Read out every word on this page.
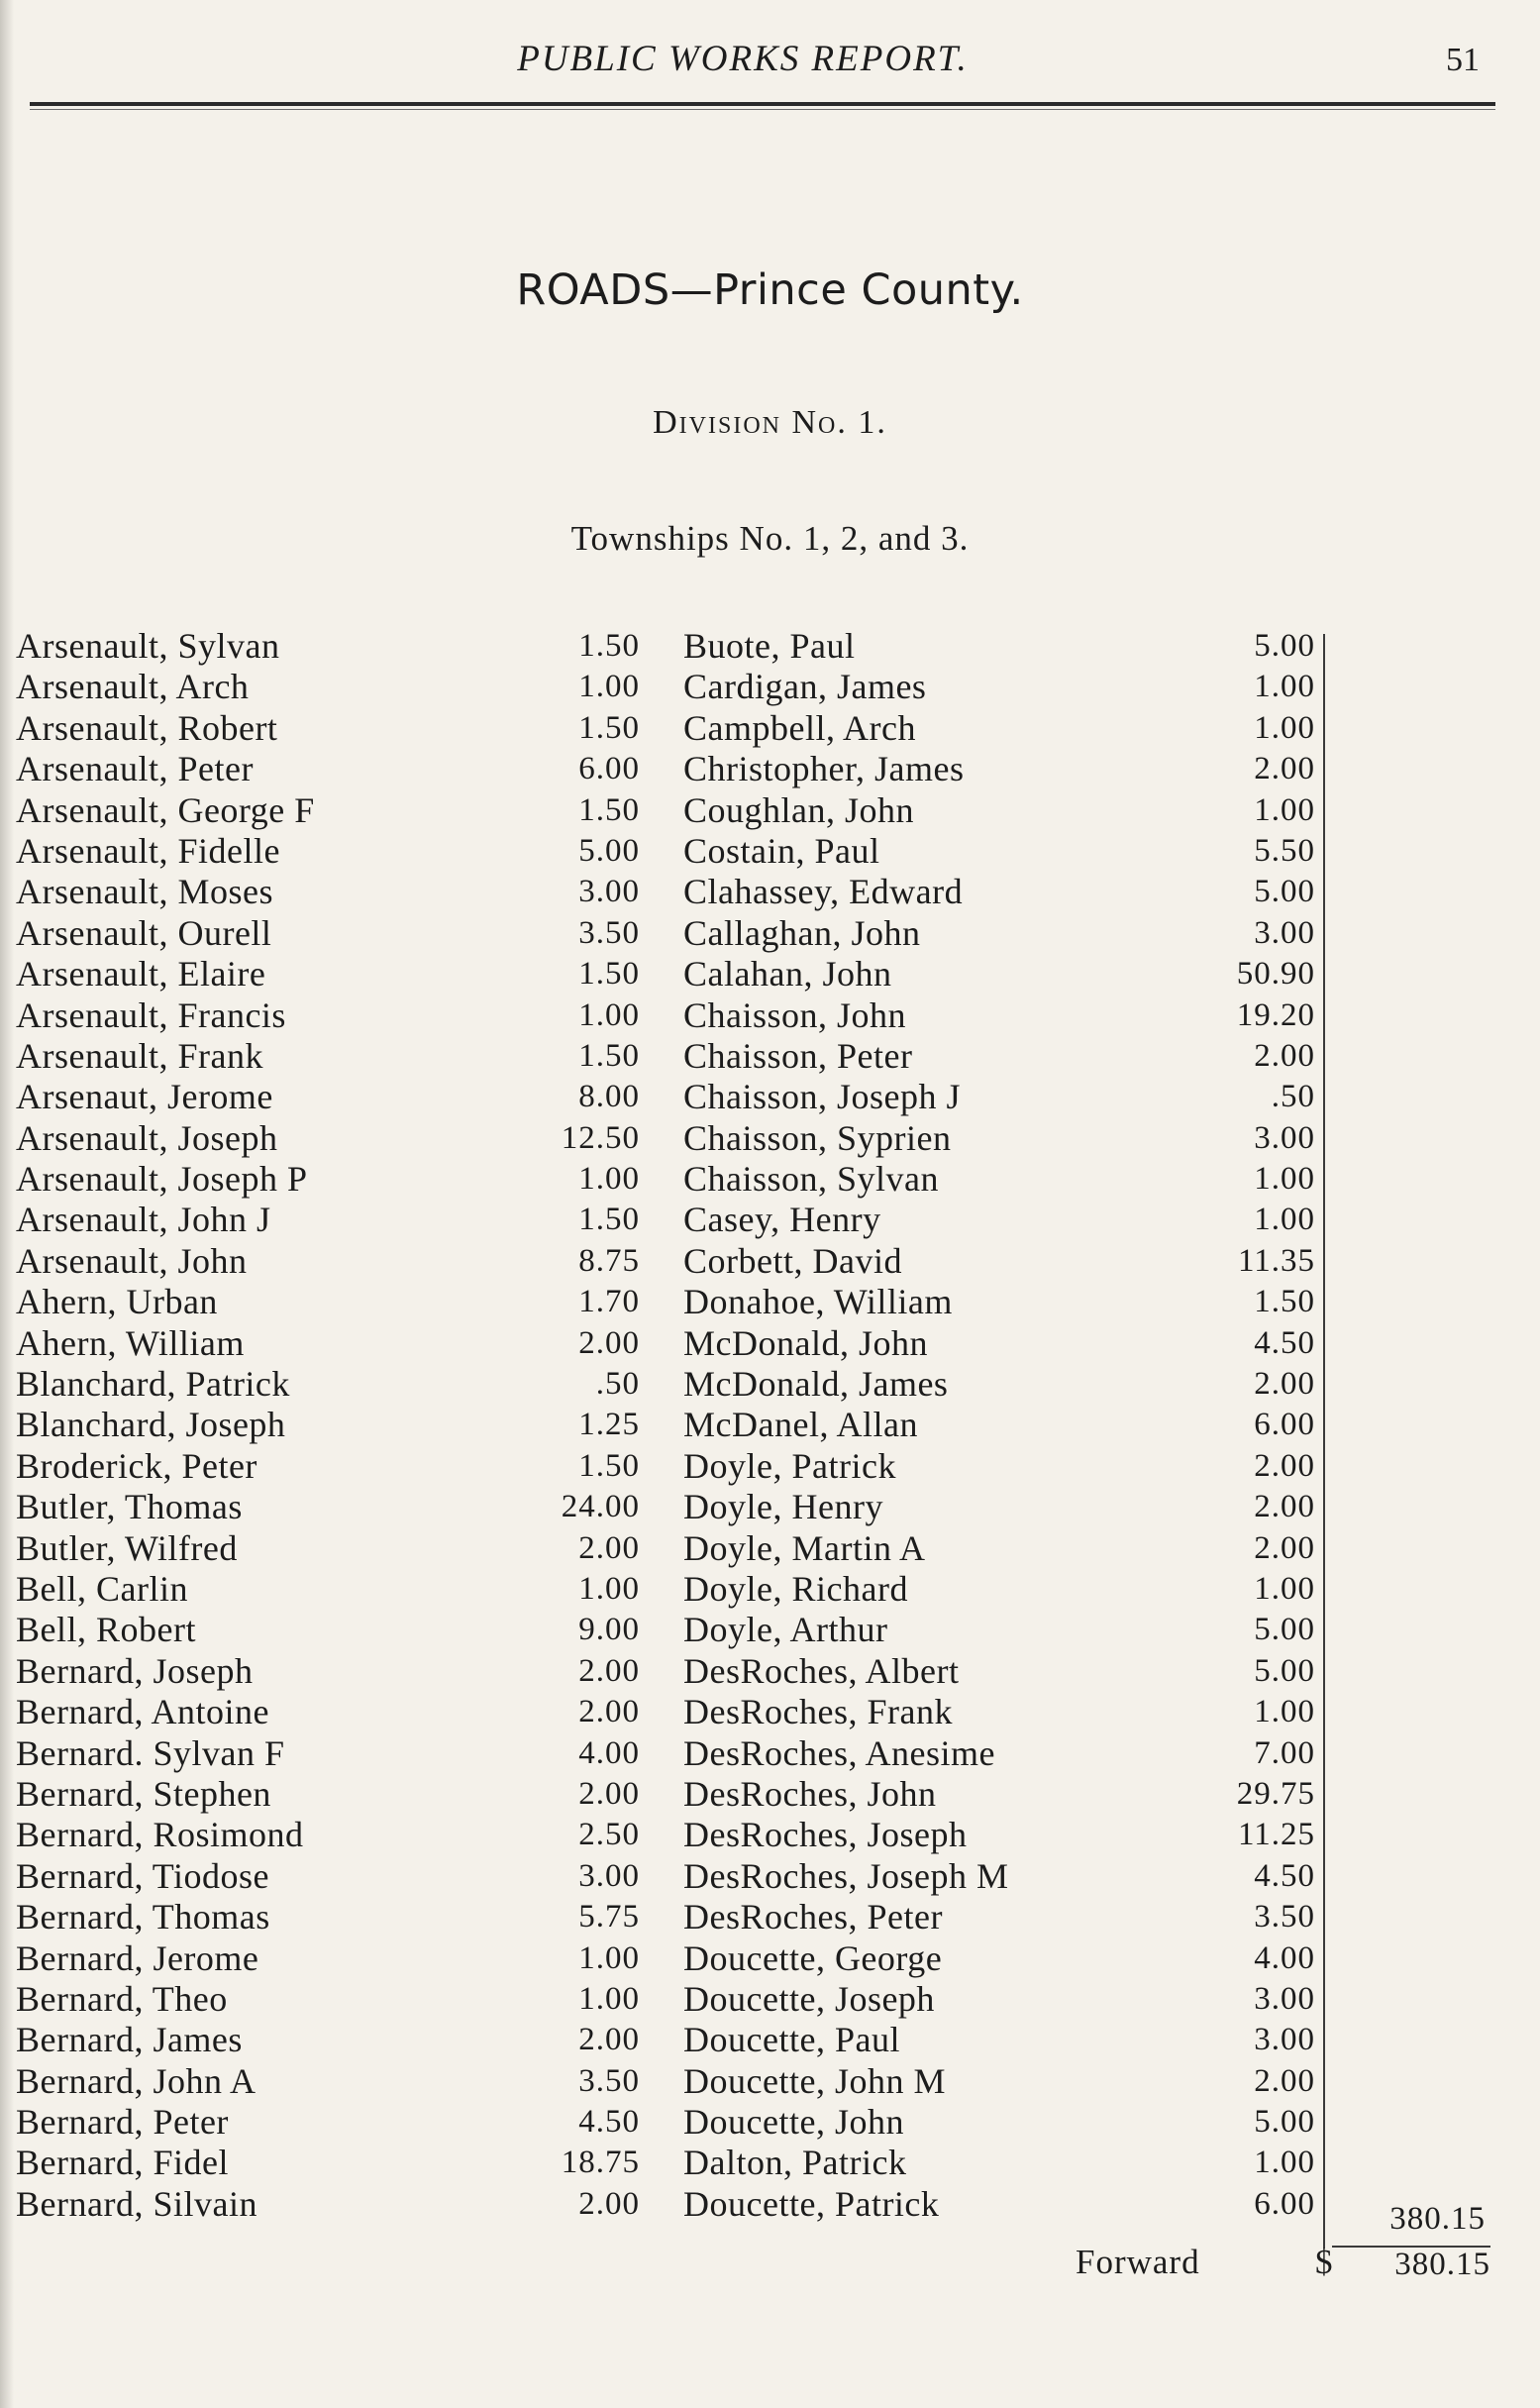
PUBLIC WORKS REPORT.	51
ROADS—Prince County.
Division No. 1.
Townships No. 1, 2, and 3.
Arsenault, Sylvan	1.50
Arsenault, Arch	1.00
Arsenault, Robert	1.50
Arsenault, Peter	6.00
Arsenault, George F	1.50
Arsenault, Fidelle	5.00
Arsenault, Moses	3.00
Arsenault, Ourell	3.50
Arsenault, Elaire	1.50
Arsenault, Francis	1.00
Arsenault, Frank	1.50
Arsenaut, Jerome	8.00
Arsenault, Joseph	12.50
Arsenault, Joseph P	1.00
Arsenault, John J	1.50
Arsenault, John	8.75
Ahern, Urban	1.70
Ahern, William	2.00
Blanchard, Patrick	.50
Blanchard, Joseph	1.25
Broderick, Peter	1.50
Butler, Thomas	24.00
Butler, Wilfred	2.00
Bell, Carlin	1.00
Bell, Robert	9.00
Bernard, Joseph	2.00
Bernard, Antoine	2.00
Bernard. Sylvan F	4.00
Bernard, Stephen	2.00
Bernard, Rosimond	2.50
Bernard, Tiodose	3.00
Bernard, Thomas	5.75
Bernard, Jerome	1.00
Bernard, Theo	1.00
Bernard, James	2.00
Bernard, John A	3.50
Bernard, Peter	4.50
Bernard, Fidel	18.75
Bernard, Silvain	2.00
Buote, Paul	5.00
Cardigan, James	1.00
Campbell, Arch	1.00
Christopher, James	2.00
Coughlan, John	1.00
Costain, Paul	5.50
Clahassey, Edward	5.00
Callaghan, John	3.00
Calahan, John	50.90
Chaisson, John	19.20
Chaisson, Peter	2.00
Chaisson, Joseph J	.50
Chaisson, Syprien	3.00
Chaisson, Sylvan	1.00
Casey, Henry	1.00
Corbett, David	11.35
Donahoe, William	1.50
McDonald, John	4.50
McDonald, James	2.00
McDanel, Allan	6.00
Doyle, Patrick	2.00
Doyle, Henry	2.00
Doyle, Martin A	2.00
Doyle, Richard	1.00
Doyle, Arthur	5.00
DesRoches, Albert	5.00
DesRoches, Frank	1.00
DesRoches, Anesime	7.00
DesRoches, John	29.75
DesRoches, Joseph	11.25
DesRoches, Joseph M	4.50
DesRoches, Peter	3.50
Doucette, George	4.00
Doucette, Joseph	3.00
Doucette, Paul	3.00
Doucette, John M	2.00
Doucette, John	5.00
Dalton, Patrick	1.00
Doucette, Patrick	6.00	380.15
Forward	$	380.15
